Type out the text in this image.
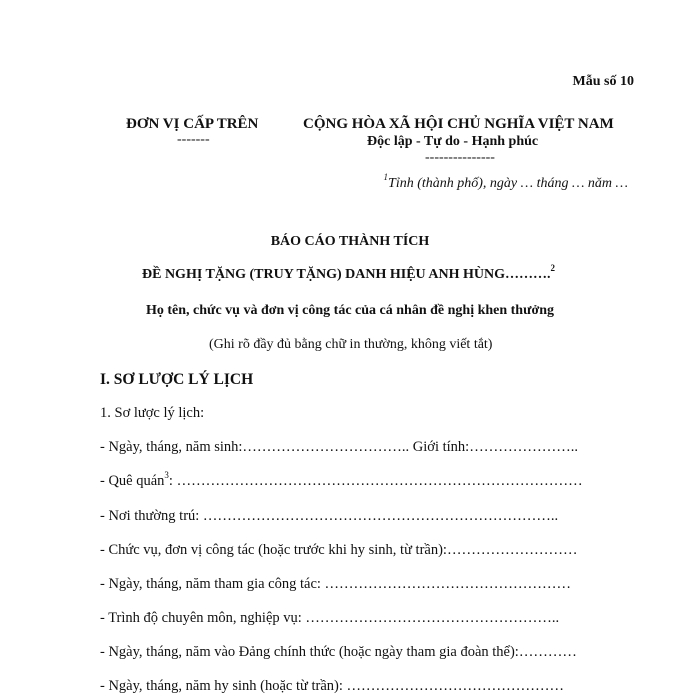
Mẫu số 10
ĐƠN VỊ CẤP TRÊN
-------
CỘNG HÒA XÃ HỘI CHỦ NGHĨA VIỆT NAM
Độc lập - Tự do - Hạnh phúc
---------------
$^1$Tỉnh (thành phố), ngày … tháng … năm …
BÁO CÁO THÀNH TÍCH
ĐỀ NGHỊ TẶNG (TRUY TẶNG) DANH HIỆU ANH HÙNG……….$^2$
Họ tên, chức vụ và đơn vị công tác của cá nhân đề nghị khen thưởng
(Ghi rõ đầy đủ bằng chữ in thường, không viết tắt)
I. SƠ LƯỢC LÝ LỊCH
1. Sơ lược lý lịch:
- Ngày, tháng, năm sinh:…………………………….. Giới tính:…………………..
- Quê quán$^3$: …………………………………………………………………………
- Nơi thường trú: ………………………………………………………………..
- Chức vụ, đơn vị công tác (hoặc trước khi hy sinh, từ trần):………………………
- Ngày, tháng, năm tham gia công tác: ……………………………………………
- Trình độ chuyên môn, nghiệp vụ: ……………………………………………..
- Ngày, tháng, năm vào Đảng chính thức (hoặc ngày tham gia đoàn thể):…………
- Ngày, tháng, năm hy sinh (hoặc từ trần): ………………………………………
